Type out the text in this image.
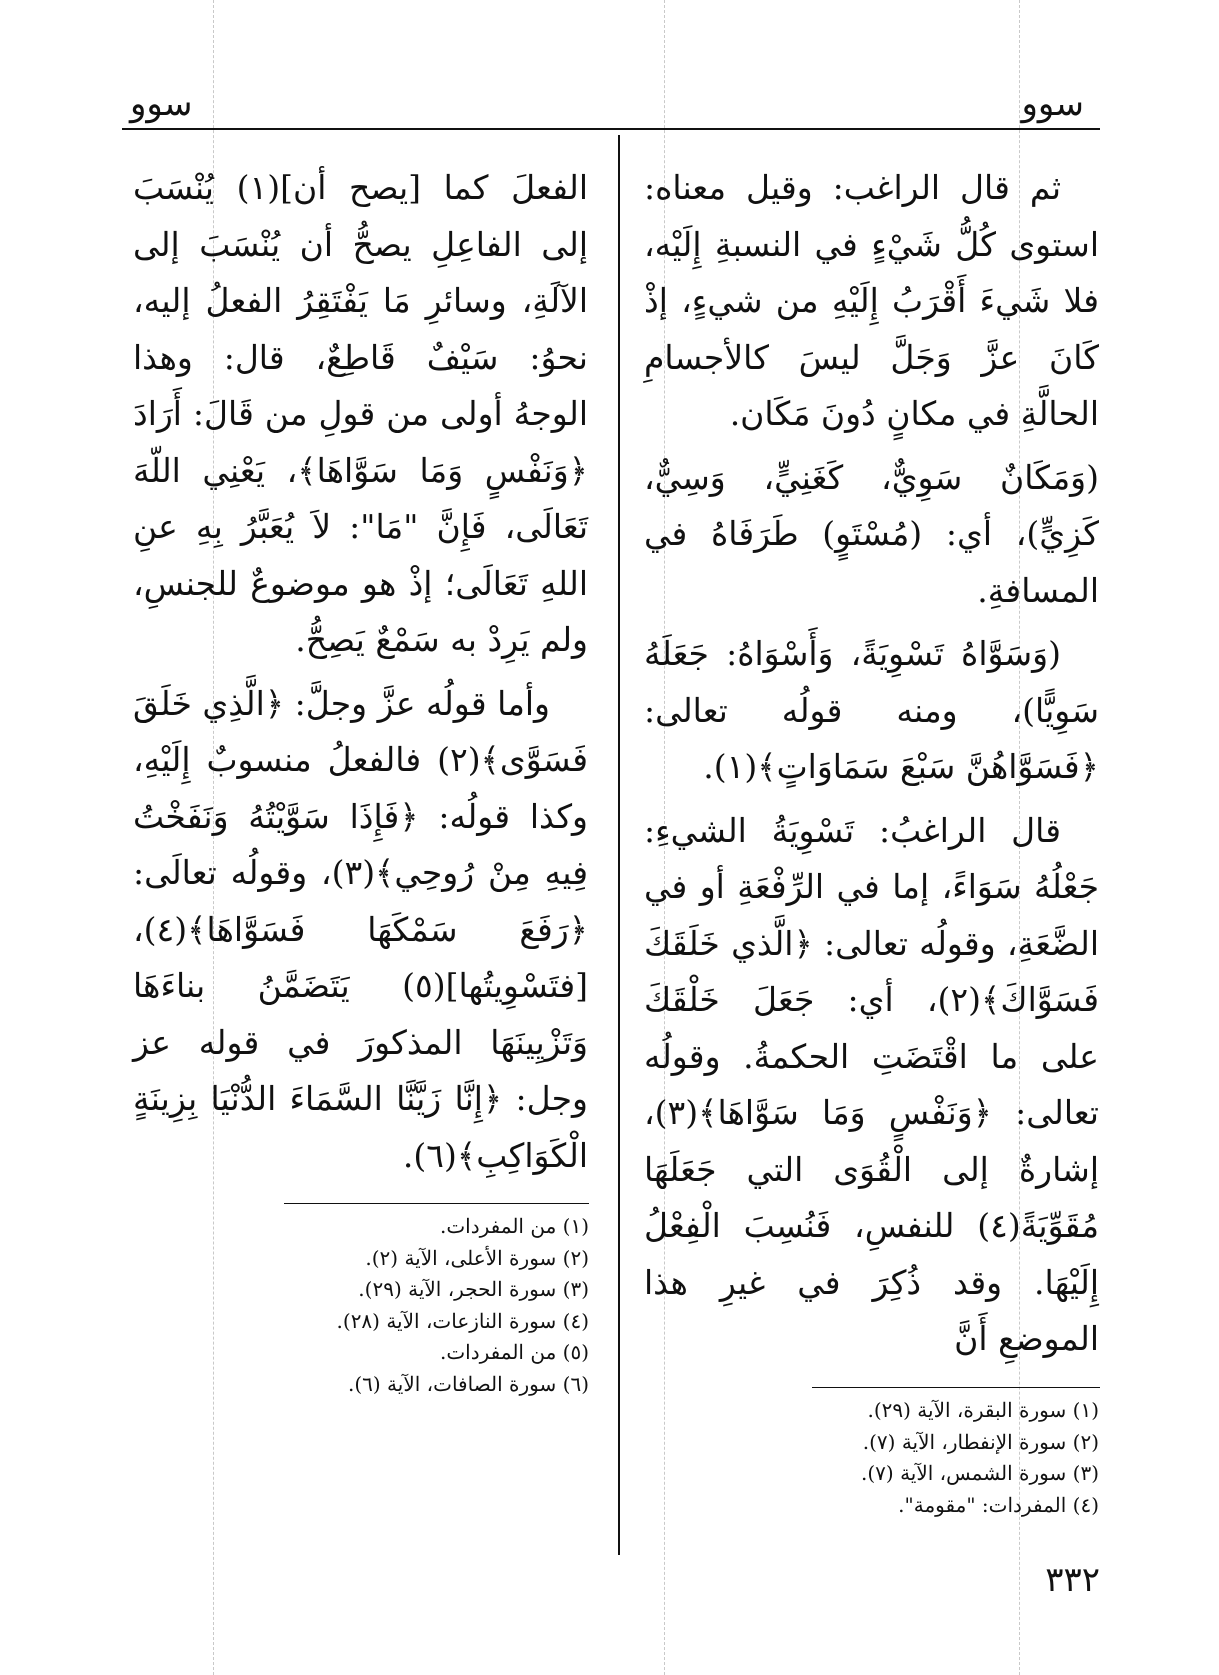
سوو
سوو

ثم قال الراغب: وقيل معناه: استوى كُلُّ شَيْءٍ في النسبةِ إِلَيْه، فلا شَيءَ أَقْرَبُ إِلَيْهِ من شيءٍ، إذْ كَانَ عزَّ وَجَلَّ ليسَ كالأجسامِ الحالَّةِ في مكانٍ دُونَ مَكَان.

(وَمَكَانٌ سَوِيٌّ، كَغَنِيٍّ، وَسِيٌّ، كَزِيٍّ)، أي: (مُسْتَوٍ) طَرَفَاهُ في المسافةِ.

(وَسَوَّاهُ تَسْوِيَةً، وَأَسْوَاهُ: جَعَلَهُ سَوِيًّا)، ومنه قولُه تعالى: ﴿فَسَوَّاهُنَّ سَبْعَ سَمَاوَاتٍ﴾(١).

قال الراغبُ: تَسْوِيَةُ الشيءِ: جَعْلُهُ سَوَاءً، إما في الرِّفْعَةِ أو في الضَّعَةِ، وقولُه تعالى: ﴿الَّذي خَلَقَكَ فَسَوَّاكَ﴾(٢)، أي: جَعَلَ خَلْقَكَ على ما اقْتَضَتِ الحكمةُ. وقولُه تعالى: ﴿وَنَفْسٍ وَمَا سَوَّاهَا﴾(٣)، إشارةٌ إلى الْقُوَى التي جَعَلَهَا مُقَوِّيَةً(٤) للنفسِ، فَنُسِبَ الْفِعْلُ إِلَيْهَا. وقد ذُكِرَ في غيرِ هذا الموضعِ أَنَّ

الفعلَ كما [يصح أن](١) يُنْسَبَ إلى الفاعِلِ يصحُّ أن يُنْسَبَ إلى الآلَةِ، وسائرِ مَا يَفْتَقِرُ الفعلُ إليه، نحوُ: سَيْفٌ قَاطِعٌ، قال: وهذا الوجهُ أولى من قولِ من قَالَ: أَرَادَ ﴿وَنَفْسٍ وَمَا سَوَّاهَا﴾، يَعْنِي اللّهَ تَعَالَى، فَإِنَّ "مَا": لاَ يُعَبَّرُ بِهِ عنِ اللهِ تَعَالَى؛ إذْ هو موضوعٌ للجنسِ، ولم يَرِدْ به سَمْعٌ يَصِحُّ.

وأما قولُه عزَّ وجلَّ: ﴿الَّذِي خَلَقَ فَسَوَّى﴾(٢) فالفعلُ منسوبٌ إِلَيْهِ، وكذا قولُه: ﴿فَإِذَا سَوَّيْتُهُ وَنَفَخْتُ فِيهِ مِنْ رُوحِي﴾(٣)، وقولُه تعالَى: ﴿رَفَعَ سَمْكَهَا فَسَوَّاهَا﴾(٤)، [فتَسْوِيتُها](٥) يَتَضَمَّنُ بناءَهَا وَتَزْيِينَهَا المذكورَ في قوله عز وجل: ﴿إِنَّا زَيَّنَّا السَّمَاءَ الدُّنْيَا بِزِينَةٍ الْكَوَاكِبِ﴾(٦).

(١) من المفردات.
(٢) سورة الأعلى، الآية (٢).
(٣) سورة الحجر، الآية (٢٩).
(٤) سورة النازعات، الآية (٢٨).
(٥) من المفردات.
(٦) سورة الصافات، الآية (٦).
(١) سورة البقرة، الآية (٢٩).
(٢) سورة الإنفطار، الآية (٧).
(٣) سورة الشمس، الآية (٧).
(٤) المفردات: "مقومة".
٣٣٢
